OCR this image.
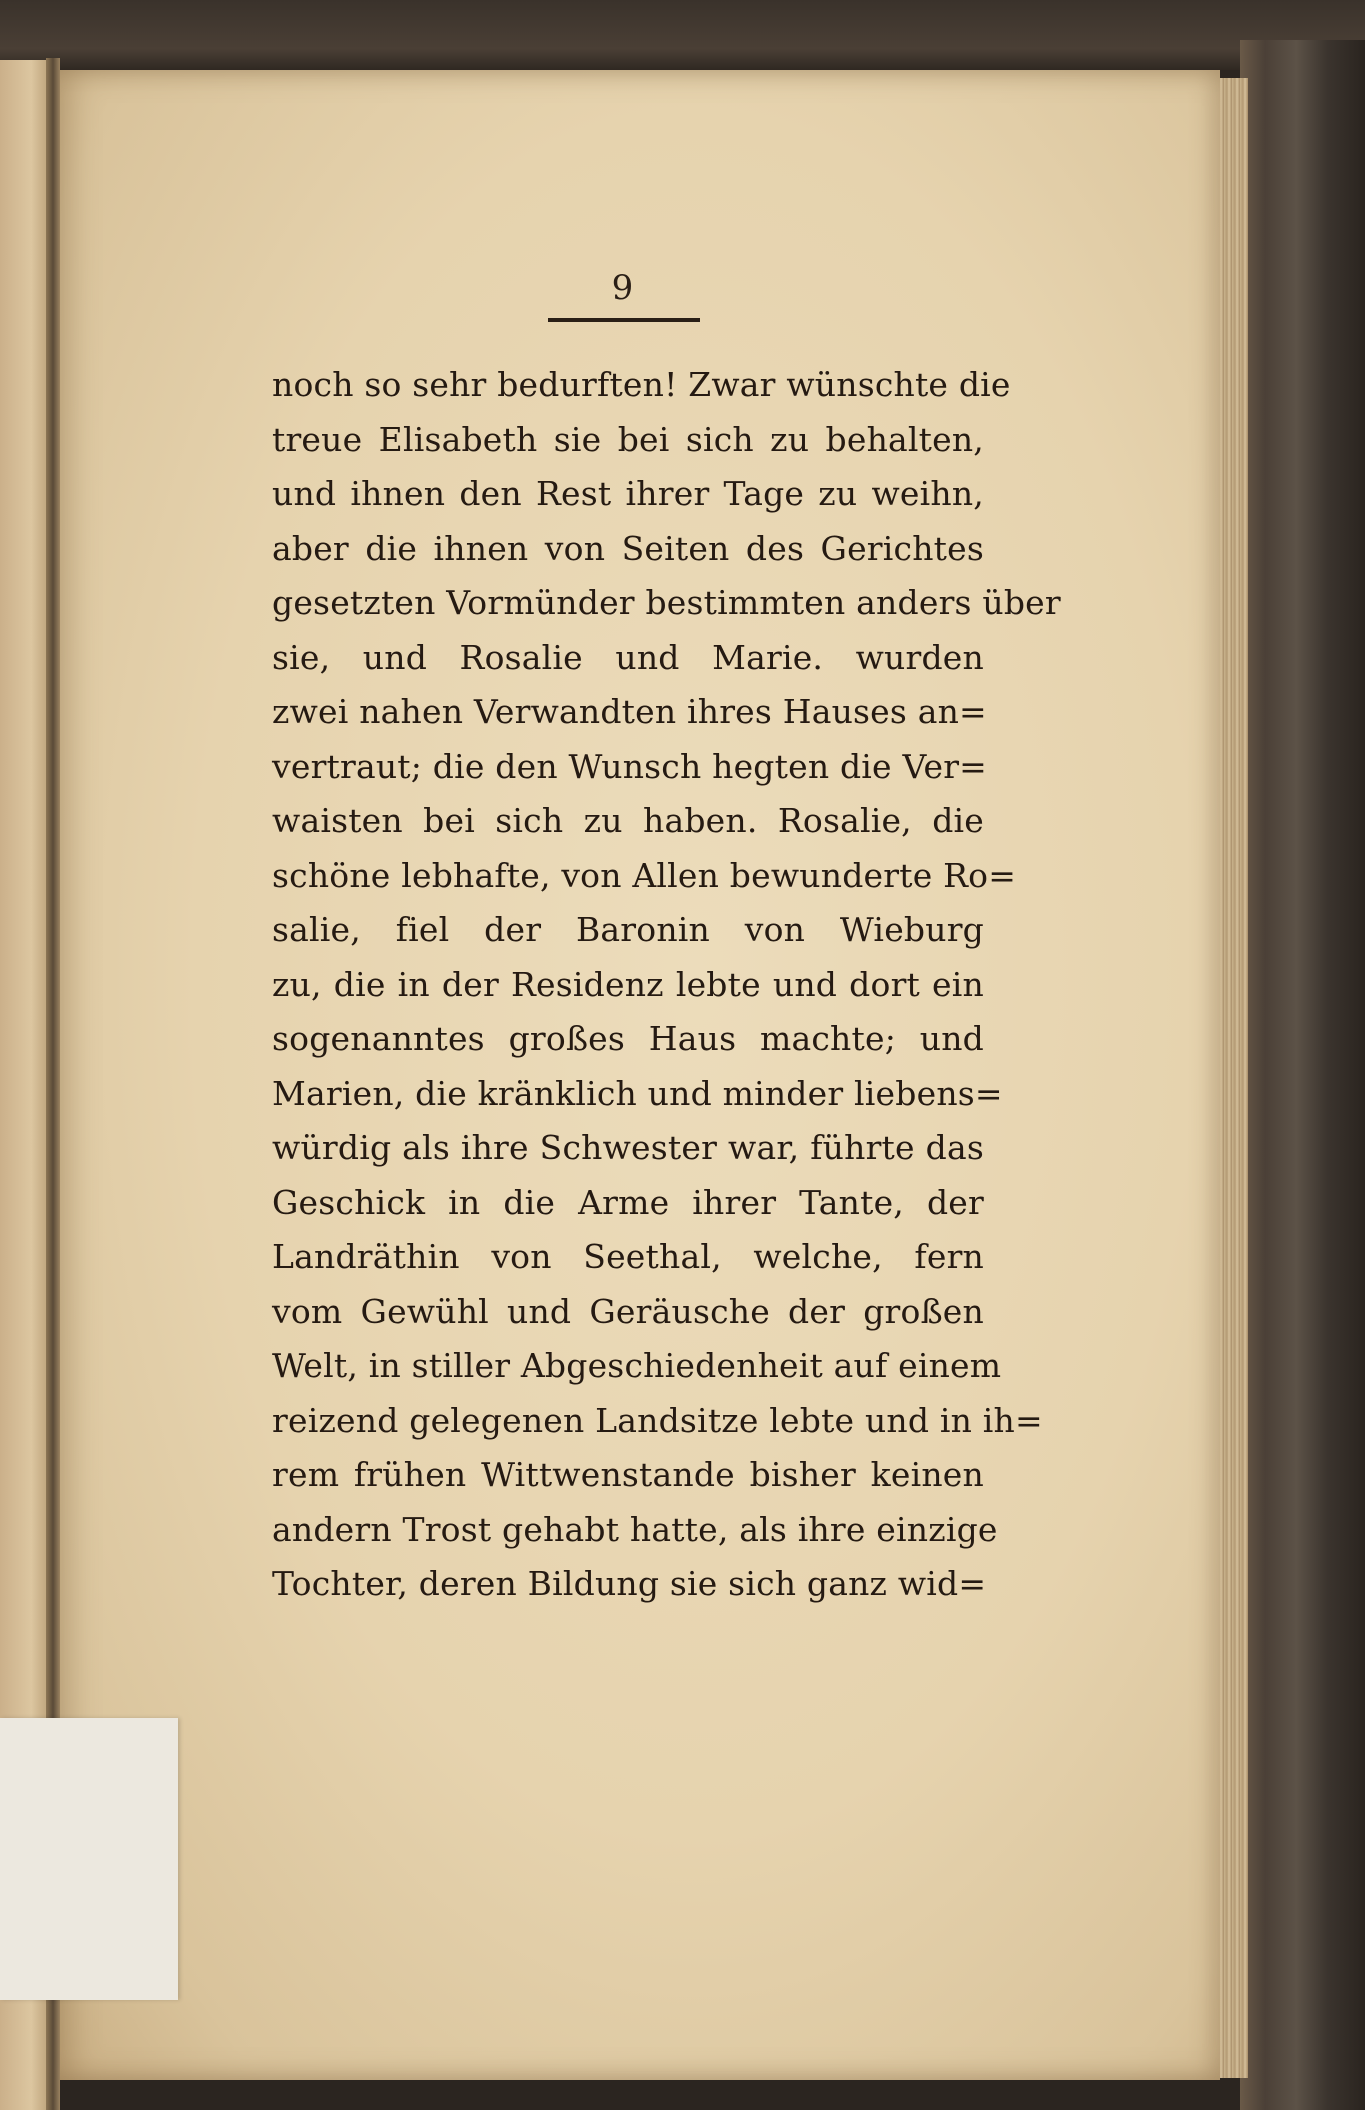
9
noch so sehr bedurften! Zwar wünschte die
treue Elisabeth sie bei sich zu behalten,
und ihnen den Rest ihrer Tage zu weihn,
aber die ihnen von Seiten des Gerichtes
gesetzten Vormünder bestimmten anders über
sie, und Rosalie und Marie. wurden
zwei nahen Verwandten ihres Hauses an=
vertraut; die den Wunsch hegten die Ver=
waisten bei sich zu haben. Rosalie, die
schöne lebhafte, von Allen bewunderte Ro=
salie, fiel der Baronin von Wieburg
zu, die in der Residenz lebte und dort ein
sogenanntes großes Haus machte; und
Marien, die kränklich und minder liebens=
würdig als ihre Schwester war, führte das
Geschick in die Arme ihrer Tante, der
Landräthin von Seethal, welche, fern
vom Gewühl und Geräusche der großen
Welt, in stiller Abgeschiedenheit auf einem
reizend gelegenen Landsitze lebte und in ih=
rem frühen Wittwenstande bisher keinen
andern Trost gehabt hatte, als ihre einzige
Tochter, deren Bildung sie sich ganz wid=
